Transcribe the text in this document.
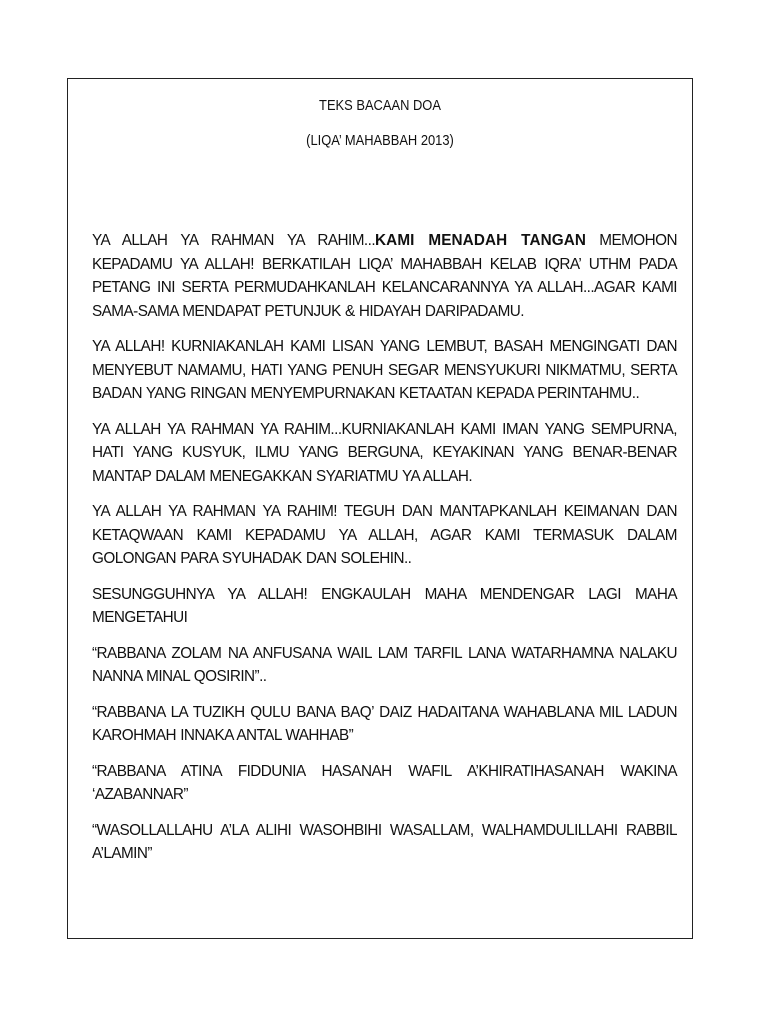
TEKS BACAAN DOA
(LIQA’ MAHABBAH 2013)

YA ALLAH YA RAHMAN YA RAHIM...KAMI MENADAH TANGAN MEMOHON KEPADAMU YA ALLAH! BERKATILAH LIQA’ MAHABBAH KELAB IQRA’ UTHM PADA PETANG INI SERTA PERMUDAHKANLAH KELANCARANNYA YA ALLAH...AGAR KAMI SAMA-SAMA MENDAPAT PETUNJUK & HIDAYAH DARIPADAMU.

YA ALLAH! KURNIAKANLAH KAMI LISAN YANG LEMBUT, BASAH MENGINGATI DAN MENYEBUT NAMAMU, HATI YANG PENUH SEGAR MENSYUKURI NIKMATMU, SERTA BADAN YANG RINGAN MENYEMPURNAKAN KETAATAN KEPADA PERINTAHMU..

YA ALLAH YA RAHMAN YA RAHIM...KURNIAKANLAH KAMI IMAN YANG SEMPURNA, HATI YANG KUSYUK, ILMU YANG BERGUNA, KEYAKINAN YANG BENAR-BENAR MANTAP DALAM MENEGAKKAN SYARIATMU YA ALLAH.

YA ALLAH YA RAHMAN YA RAHIM! TEGUH DAN MANTAPKANLAH KEIMANAN DAN KETAQWAAN KAMI KEPADAMU YA ALLAH, AGAR KAMI TERMASUK DALAM GOLONGAN PARA SYUHADAK DAN SOLEHIN..

SESUNGGUHNYA YA ALLAH! ENGKAULAH MAHA MENDENGAR LAGI MAHA MENGETAHUI

“RABBANA ZOLAM NA ANFUSANA WAIL LAM TARFIL LANA WATARHAMNA NALAKU NANNA MINAL QOSIRIN”..

“RABBANA LA TUZIKH QULU BANA BAQ’ DAIZ HADAITANA WAHABLANA MIL LADUN KAROHMAH INNAKA ANTAL WAHHAB”

“RABBANA ATINA FIDDUNIA HASANAH WAFIL A’KHIRATIHASANAH WAKINA ‘AZABANNAR”

“WASOLLALLAHU A’LA ALIHI WASOHBIHI WASALLAM, WALHAMDULILLAHI RABBIL A’LAMIN”
